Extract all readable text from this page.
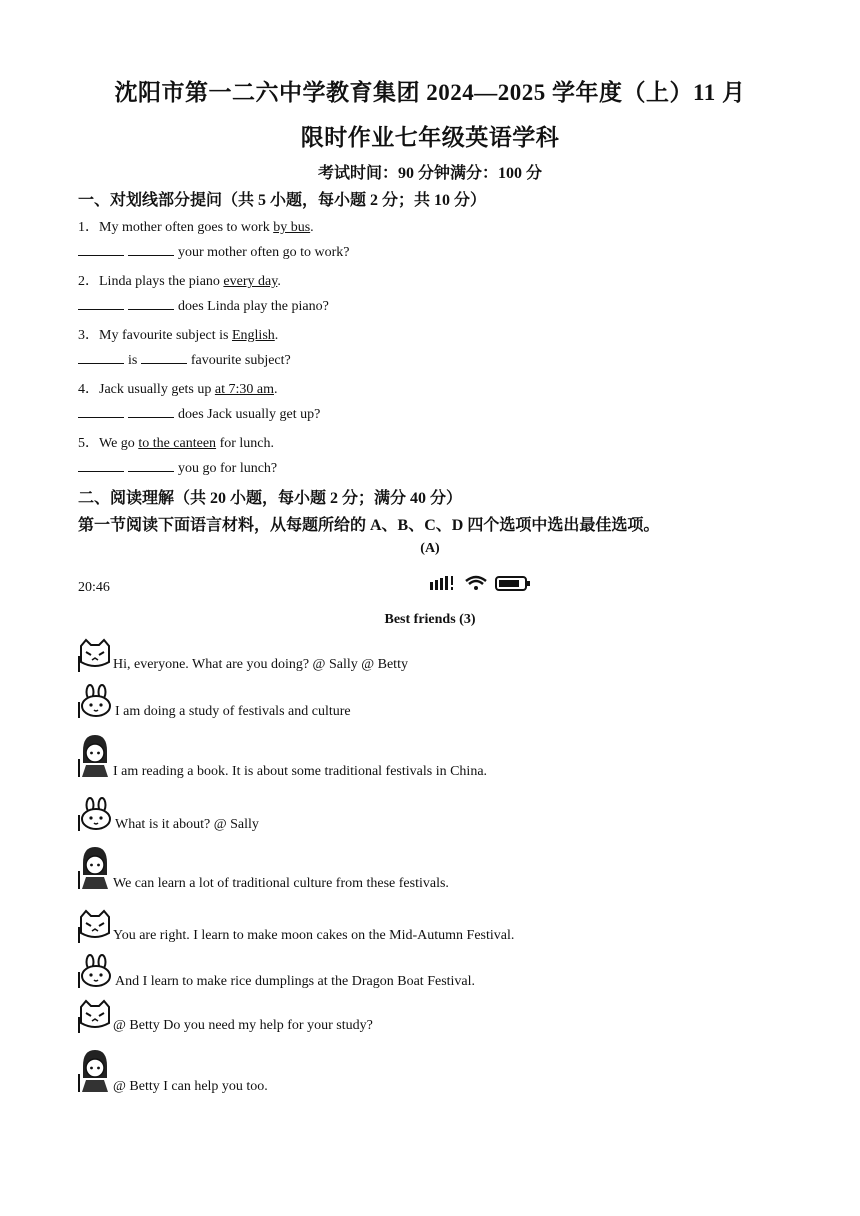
沈阳市第一二六中学教育集团 2024—2025 学年度（上）11 月
限时作业七年级英语学科
考试时间：90 分钟满分：100 分
一、对划线部分提问（共 5 小题，每小题 2 分；共 10 分）
1．My mother often goes to work by bus.
your mother often go to work?
2．Linda plays the piano every day.
does Linda play the piano?
3．My favourite subject is English.
is	favourite subject?
4．Jack usually gets up at 7:30 am.
does Jack usually get up?
5．We go to the canteen for lunch.
you go for lunch?
二、阅读理解（共 20 小题，每小题 2 分；满分 40 分）
第一节阅读下面语言材料，从每题所给的 A、B、C、D 四个选项中选出最佳选项。
(A)
20:46
Best friends (3)
Hi, everyone. What are you doing? @ Sally @ Betty
I am doing a study of festivals and culture
I am reading a book. It is about some traditional festivals in China.
What is it about? @ Sally
We can learn a lot of traditional culture from these festivals.
You are right. I learn to make moon cakes on the Mid-Autumn Festival.
And I learn to make rice dumplings at the Dragon Boat Festival.
@ Betty Do you need my help for your study?
@ Betty I can help you too.
